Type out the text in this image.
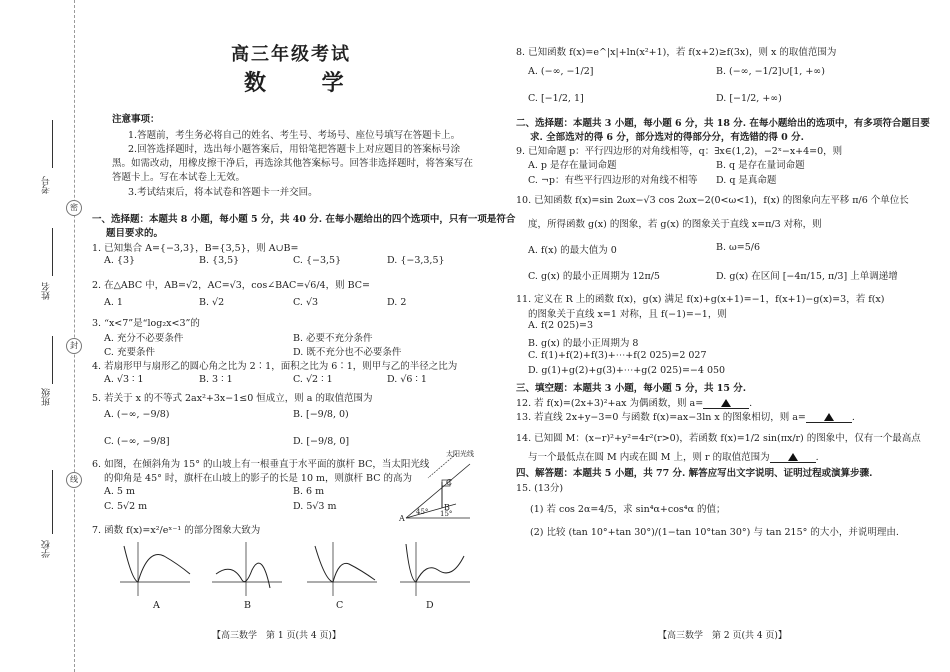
考号
姓名
班级
学校
密
封
线
高三年级考试
数 学
注意事项：
1.答题前，考生务必将自己的姓名、考生号、考场号、座位号填写在答题卡上。
2.回答选择题时，选出每小题答案后，用铅笔把答题卡上对应题目的答案标号涂
黑。如需改动，用橡皮擦干净后，再选涂其他答案标号。回答非选择题时，将答案写在
答题卡上。写在本试卷上无效。
3.考试结束后，将本试卷和答题卡一并交回。
一、选择题：本题共 8 小题，每小题 5 分，共 40 分. 在每小题给出的四个选项中，只有一项是符合
题目要求的。
1. 已知集合 A={−3,3}，B={3,5}，则 A∪B=
A. {3}	B. {3,5}	C. {−3,5}	D. {−3,3,5}
2. 在△ABC 中，AB=√2，AC=√3，cos∠BAC=√6/4，则 BC=
A. 1	B. √2	C. √3	D. 2
3. “x<7”是“log₂x<3”的
A. 充分不必要条件	B. 必要不充分条件
C. 充要条件	D. 既不充分也不必要条件
4. 若扇形甲与扇形乙的圆心角之比为 2∶1，面积之比为 6∶1，则甲与乙的半径之比为
A. √3 ∶ 1	B. 3 ∶ 1	C. √2 ∶ 1	D. √6 ∶ 1
5. 若关于 x 的不等式 2ax²+3x−1≤0 恒成立，则 a 的取值范围为
A. (−∞, −9/8)	B. [−9/8, 0)
C. (−∞, −9/8]	D. [−9/8, 0]
6. 如图，在倾斜角为 15° 的山坡上有一根垂直于水平面的旗杆 BC，当太阳光线
的仰角是 45° 时，旗杆在山坡上的影子的长是 10 m，则旗杆 BC 的高为
A. 5 m	B. 6 m
C. 5√2 m	D. 5√3 m
太阳光线
45° 15°
A
B
C
7. 函数 f(x)=x²/eˣ⁻¹ 的部分图象大致为
A	B	C	D
【高三数学　第 1 页(共 4 页)】
8. 已知函数 f(x)=e^|x|+ln(x²+1)，若 f(x+2)≥f(3x)，则 x 的取值范围为
A. (−∞, −1/2]	B. (−∞, −1/2]∪[1, +∞)
C. [−1/2, 1]	D. [−1/2, +∞)
二、选择题：本题共 3 小题，每小题 6 分，共 18 分. 在每小题给出的选项中，有多项符合题目要
求. 全部选对的得 6 分，部分选对的得部分分，有选错的得 0 分.
9. 已知命题 p：平行四边形的对角线相等，q：∃x∈(1,2)，−2ˣ−x+4=0，则
A. p 是存在量词命题	B. q 是存在量词命题
C. ¬p：有些平行四边形的对角线不相等 D. q 是真命题
10. 已知函数 f(x)=sin 2ωx−√3 cos 2ωx−2(0<ω<1)，f(x) 的图象向左平移 π/6 个单位长
度，所得函数 g(x) 的图象，若 g(x) 的图象关于直线 x=π/3 对称，则
A. f(x) 的最大值为 0	B. ω=5/6
C. g(x) 的最小正周期为 12π/5	D. g(x) 在区间 [−4π/15, π/3] 上单调递增
11. 定义在 R 上的函数 f(x)，g(x) 满足 f(x)+g(x+1)=−1，f(x+1)−g(x)=3，若 f(x)
的图象关于直线 x=1 对称，且 f(−1)=−1，则
A. f(2 025)=3
B. g(x) 的最小正周期为 8
C. f(1)+f(2)+f(3)+⋯+f(2 025)=2 027
D. g(1)+g(2)+g(3)+⋯+g(2 025)=−4 050
三、填空题：本题共 3 小题，每小题 5 分，共 15 分.
12. 若 f(x)=(2x+3)²+ax 为偶函数，则 a=	.
13. 若直线 2x+y−3=0 与函数 f(x)=ax−3ln x 的图象相切，则 a=	.
14. 已知圆 M：(x−r)²+y²=4r²(r>0)，若函数 f(x)=1/2 sin(πx/r) 的图象中，仅有一个最高点
与一个最低点在圆 M 内或在圆 M 上，则 r 的取值范围为	.
四、解答题：本题共 5 小题，共 77 分. 解答应写出文字说明、证明过程或演算步骤.
15. (13分)
(1) 若 cos 2α=4/5，求 sin⁴α+cos⁴α 的值；
(2) 比较 (tan 10°+tan 30°)/(1−tan 10°tan 30°) 与 tan 215° 的大小，并说明理由.
【高三数学　第 2 页(共 4 页)】
